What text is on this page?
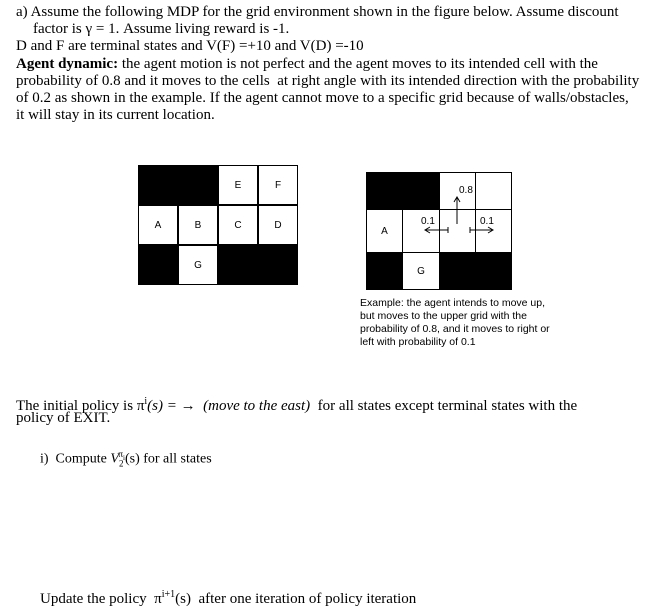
a) Assume the following MDP for the grid environment shown in the figure below. Assume discount
factor is γ = 1. Assume living reward is -1.
D and F are terminal states and V(F) =+10 and V(D) =-10
Agent dynamic: the agent motion is not perfect and the agent moves to its intended cell with the
probability of 0.8 and it moves to the cells  at right angle with its intended direction with the probability
of 0.2 as shown in the example. If the agent cannot move to a specific grid because of walls/obstacles,
it will stay in its current location.
E	F
A	B	C	D
G
A
G
0.8
0.1	0.1
Example: the agent intends to move up,
but moves to the upper grid with the
probability of 0.8, and it moves to right or
left with probability of 0.1
The initial policy is $\pi^i(s)$ = →  (move to the east)  for all states except terminal states with the
policy of EXIT.
i)  Compute $V_2^{\pi_i}(s)$ for all states
Update the policy  $\pi^{i+1}(s)$  after one iteration of policy iteration
